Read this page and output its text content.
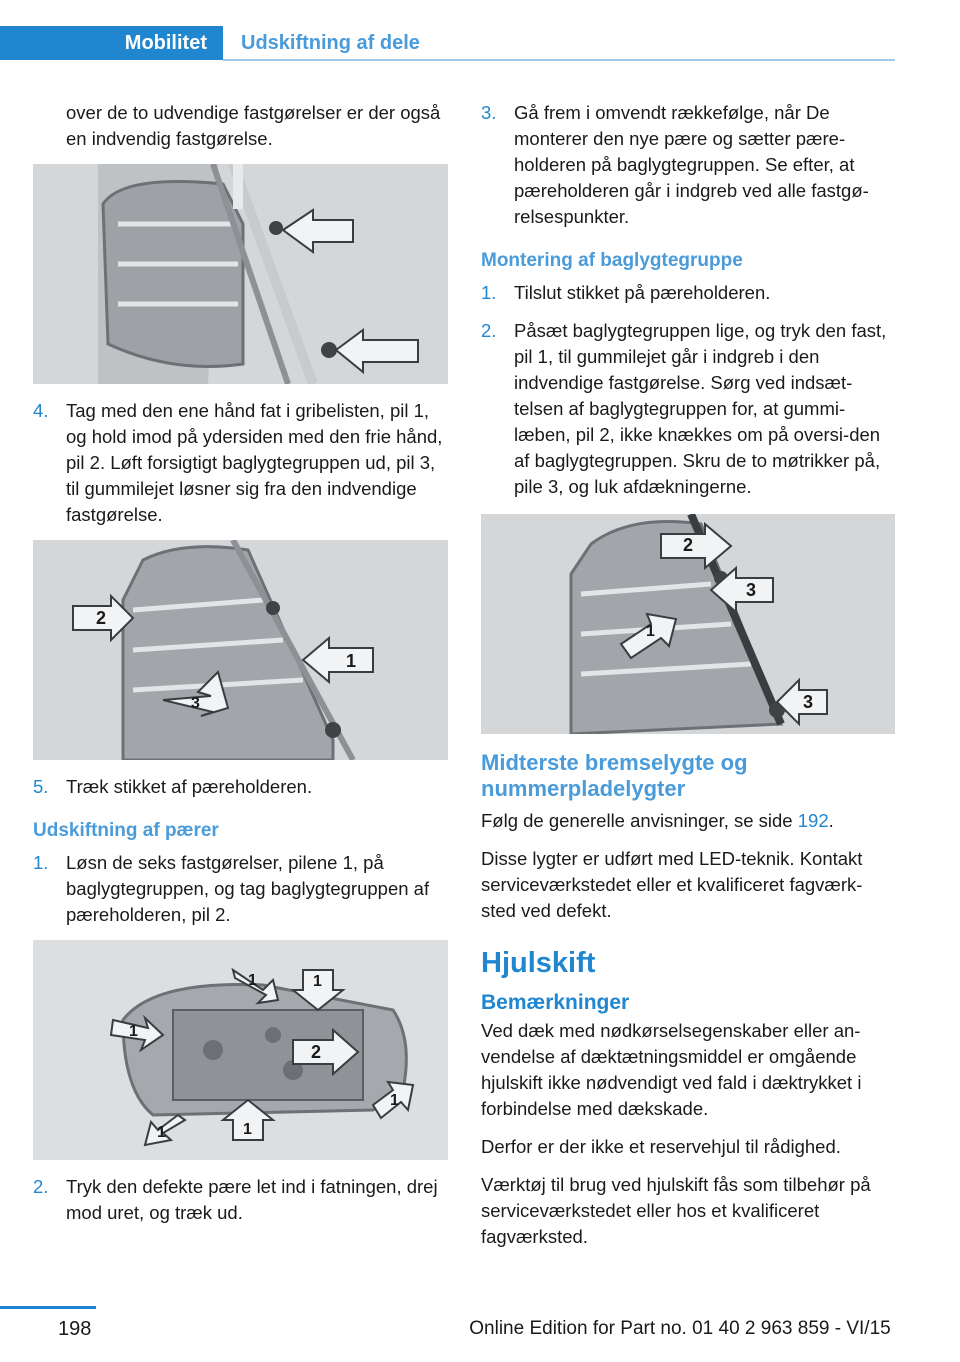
Mobilitet	Udskiftning af dele

over de to udvendige fastgørelser er der også en indvendig fastgørelse.

4. Tag med den ene hånd fat i gribelisten, pil 1, og hold imod på ydersiden med den frie hånd, pil 2. Løft forsigtigt baglygtegruppen ud, pil 3, til gummilejet løsner sig fra den indvendige fastgørelse.
2
1
3
5. Træk stikket af pæreholderen.
Udskiftning af pærer
1. Løsn de seks fastgørelser, pilene 1, på baglygtegruppen, og tag baglygtegruppen af pæreholderen, pil 2.
1	1
1
2
1
1	1
2. Tryk den defekte pære let ind i fatningen, drej mod uret, og træk ud.
3. Gå frem i omvendt rækkefølge, når De monterer den nye pære og sætter pære-holderen på baglygtegruppen. Se efter, at pæreholderen går i indgreb ved alle fastgø-relsespunkter.
Montering af baglygtegruppe
1. Tilslut stikket på pæreholderen.
2. Påsæt baglygtegruppen lige, og tryk den fast, pil 1, til gummilejet går i indgreb i den indvendige fastgørelse. Sørg ved indsæt-telsen af baglygtegruppen for, at gummi-læben, pil 2, ikke knækkes om på oversi-den af baglygtegruppen. Skru de to møtrikker på, pile 3, og luk afdækningerne.
2
3
1
3
Midterste bremselygte og nummerpladelygter

Følg de generelle anvisninger, se side 192.

Disse lygter er udført med LED-teknik. Kontakt serviceværkstedet eller et kvalificeret fagværk-sted ved defekt.

Hjulskift
Bemærkninger

Ved dæk med nødkørselsegenskaber eller an-vendelse af dæktætningsmiddel er omgående hjulskift ikke nødvendigt ved fald i dæktrykket i forbindelse med dækskade.

Derfor er der ikke et reservehjul til rådighed.

Værktøj til brug ved hjulskift fås som tilbehør på serviceværkstedet eller hos et kvalificeret fagværksted.

198	Online Edition for Part no. 01 40 2 963 859 - VI/15
